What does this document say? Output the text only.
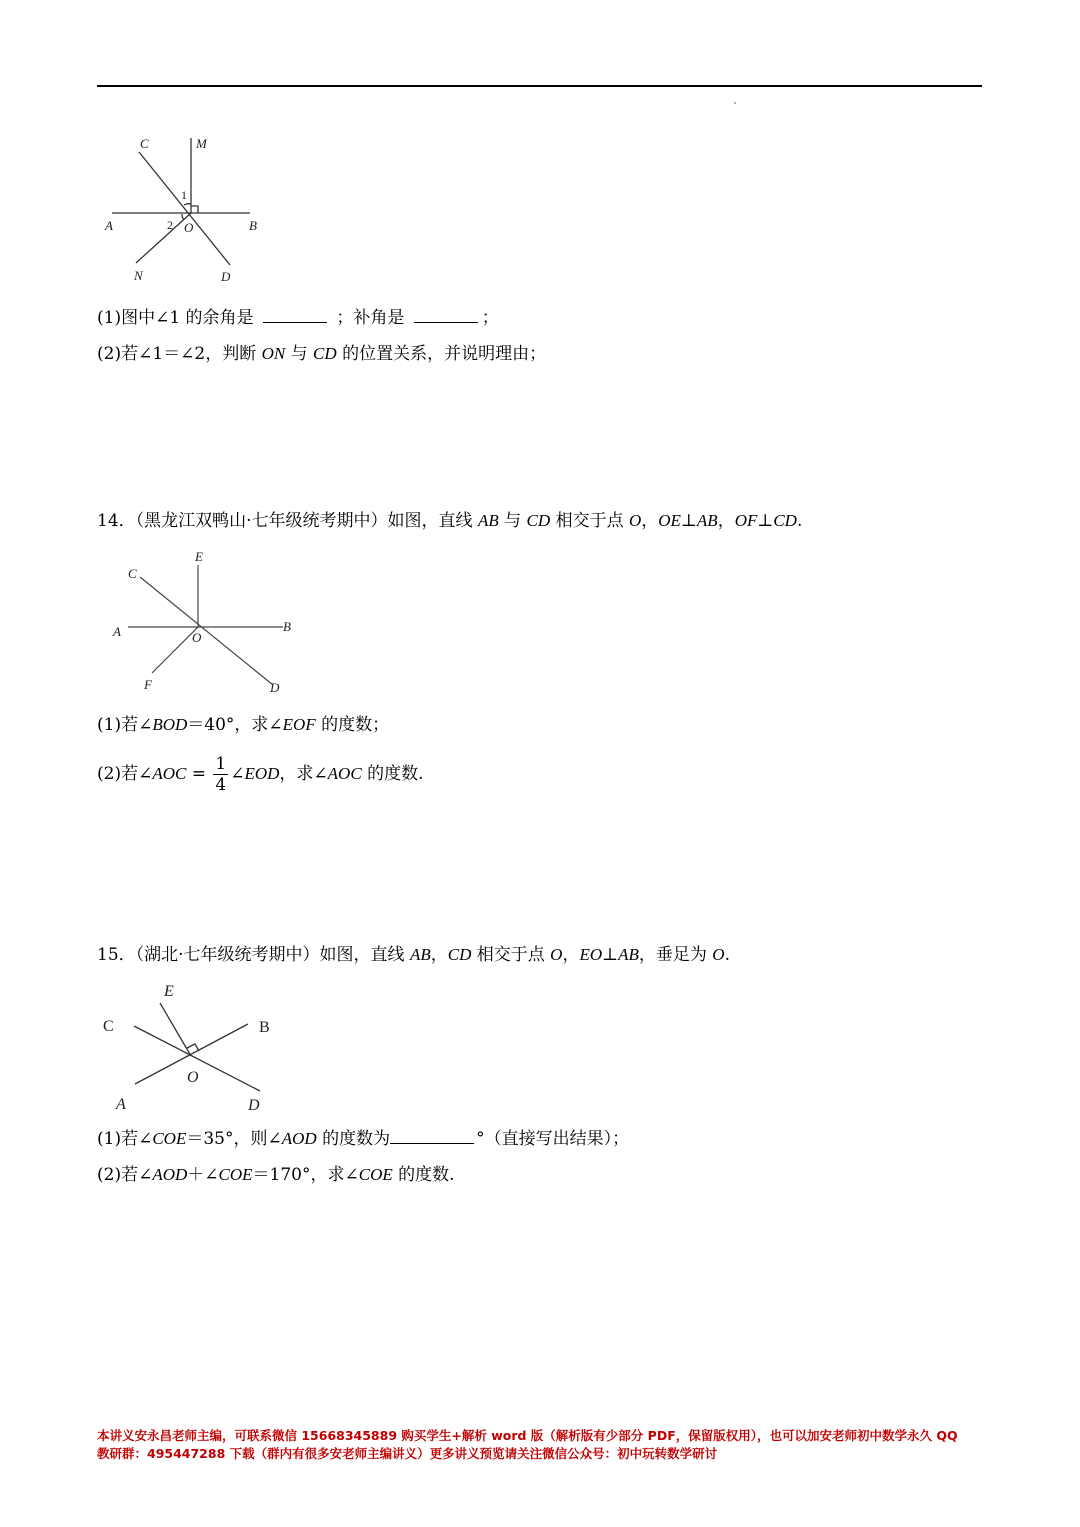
C	M
1
2
A	O	B
N	D
(1)图中∠1 的余角是	；补角是	；
(2)若∠1＝∠2，判断 ON 与 CD 的位置关系，并说明理由；
14．（黑龙江双鸭山·七年级统考期中）如图，直线 AB 与 CD 相交于点 O，OE⊥AB，OF⊥CD.
E
C
A	B
O
F	D
(1)若∠BOD＝40°，求∠EOF 的度数；
(2)若∠AOC = $\frac{1}{4}$ ∠EOD，求∠AOC 的度数.
15．（湖北·七年级统考期中）如图，直线 AB，CD 相交于点 O，EO⊥AB，垂足为 O.
E
C	B
O
A	D
(1)若∠COE＝35°，则∠AOD 的度数为	°（直接写出结果）；
(2)若∠AOD＋∠COE＝170°，求∠COE 的度数.
本讲义安永昌老师主编，可联系微信 15668345889 购买学生+解析 word 版（解析版有少部分 PDF，保留版权用），也可以加安老师初中数学永久 QQ
教研群：495447288 下载（群内有很多安老师主编讲义）更多讲义预览请关注微信公众号：初中玩转数学研讨
